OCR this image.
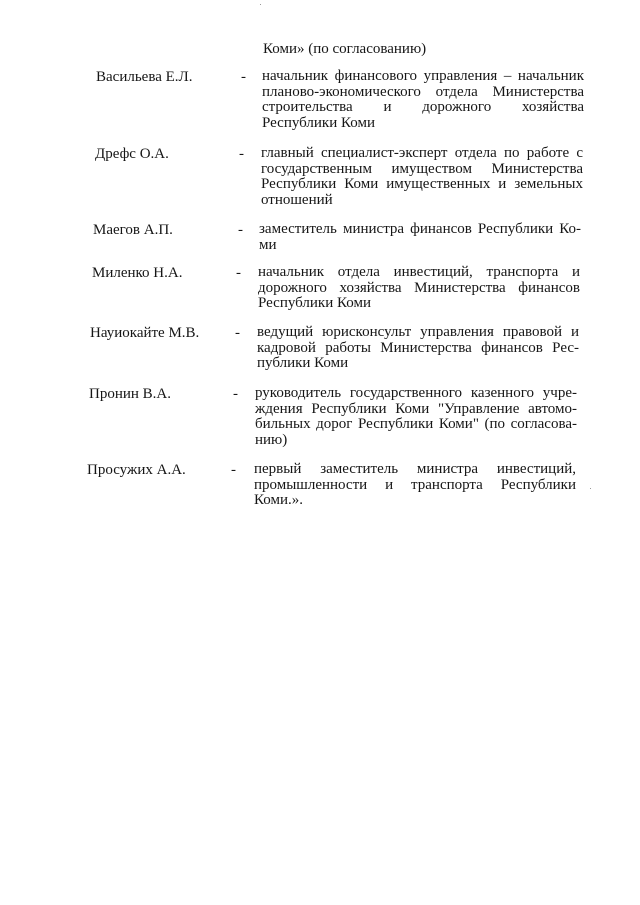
Коми» (по согласованию)
Васильева Е.Л.	- начальник финансового управления – начальник
планово-экономического отдела Министерства
строительства и дорожного хозяйства
Республики Коми
Дрефс О.А.	- главный специалист-эксперт отдела по работе с
государственным имуществом Министерства
Республики Коми имущественных и земельных
отношений
Маегов А.П.	- заместитель министра финансов Республики Ко-
ми
Миленко Н.А.	- начальник отдела инвестиций, транспорта и
дорожного хозяйства Министерства финансов
Республики Коми
Науиокайте М.В. - ведущий юрисконсульт управления правовой и
кадровой работы Министерства финансов Рес-
публики Коми
Пронин В.А.	- руководитель государственного казенного учре-
ждения Республики Коми "Управление автомо-
бильных дорог Республики Коми" (по согласова-
нию)
Просужих А.А.	- первый заместитель министра инвестиций,
промышленности и транспорта Республики
Коми.».
